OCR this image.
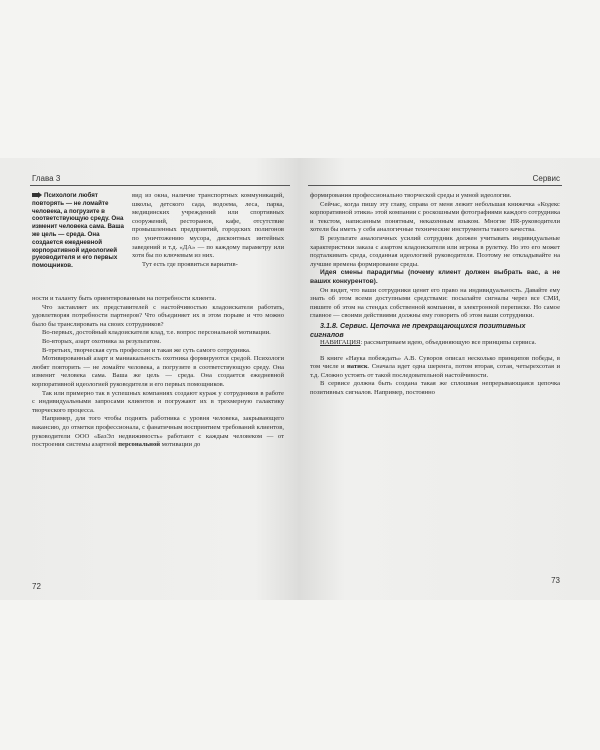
Глава 3
Психологи любят повторять — не ломайте человека, а погрузите в соответствующую среду. Она изменит человека сама. Ваша же цель — среда. Она создается ежедневной корпоративной идеологией руководителя и его первых помощников.

вид из окна, наличие транспортных коммуникаций, школы, детского сада, водоема, леса, парка, медицинских учреждений или спортивных сооружений, ресторанов, кафе, отсутствие промышленных предприятий, городских полигонов по уничтожению мусора, дисконтных интейных заведений и т.д. «ДА» — по каждому параметру или хотя бы по ключевым из них.

Тут есть где проявиться вариатив-

ности и таланту быть ориентированным на потребности клиента.

Что заставляет их представителей с настойчивостью кладоискателя работать, удовлетворяя потребности партнеров? Что объединяет их в этом порыве и что можно было бы транслировать на своих сотрудников?

Во-первых, достойный кладоискателя клад, т.е. вопрос персональной мотивации.

Во-вторых, азарт охотника за результатом.

В-третьих, творческая суть профессии и такая же суть самого сотрудника.

Мотивированный азарт и маниакальность охотника формируются средой. Психологи любят повторить — не ломайте человека, а погрузите в соответствующую среду. Она изменит человека сама. Ваша же цель — среда. Она создается ежедневной корпоративной идеологией руководителя и его первых помощников.

Так или примерно так в успешных компаниях создают кураж у сотрудников в работе с индивидуальными запросами клиентов и погружают их в трехмерную галактику творческого процесса.

Например, для того чтобы поднять работника с уровня человека, закрывающего вакансию, до отметки профессионала, с фанатичным восприятием требований клиентов, руководители ООО «БазЭл недвижимость» работают с каждым человеком — от построения системы азартной персональной мотивации до

72
Сервис

формирования профессионально творческой среды и умной идеологии.

Сейчас, когда пишу эту главу, справа от меня лежит небольшая книжечка «Кодекс корпоративной этики» этой компании с роскошными фотографиями каждого сотрудника и текстом, написанным понятным, некazенным языком. Многие HR-руководители хотели бы иметь у себя аналогичные технические инструменты такого качества.

В результате аналогичных усилий сотрудник должен учитывать индивидуальные характеристики заказа с азартом кладоискателя или игрока в рулетку. Но это его может подталкивать среда, созданная идеологией руководителя. Поэтому не откладывайте на лучшие времена формирование среды.

Идея смены парадигмы (почему клиент должен выбрать вас, а не ваших конкурентов).

Он видит, что ваши сотрудники ценят его право на индивидуальность. Давайте ему знать об этом всеми доступными средствами: посылайте сигналы через все СМИ, пишите об этом на стендах собственной компании, в электронной переписке. Но самое главное — своими действиями должны ему говорить об этом ваши сотрудники.

3.1.8. Сервис. Цепочка не прекращающихся позитивных сигналов

НАВИГАЦИЯ: рассматриваем идею, объединяющую все принципы сервиса.

В книге «Наука побеждать» А.В. Суворов описал несколько принципов победы, в том числе и натиск. Сначала идет одна шеренга, потом вторая, сотая, четырехсотая и т.д. Сложно устоять от такой последовательной настойчивости.

В сервисе должна быть создана такая же сплошная непрерывающаяся цепочка позитивных сигналов. Например, постоянно

73
